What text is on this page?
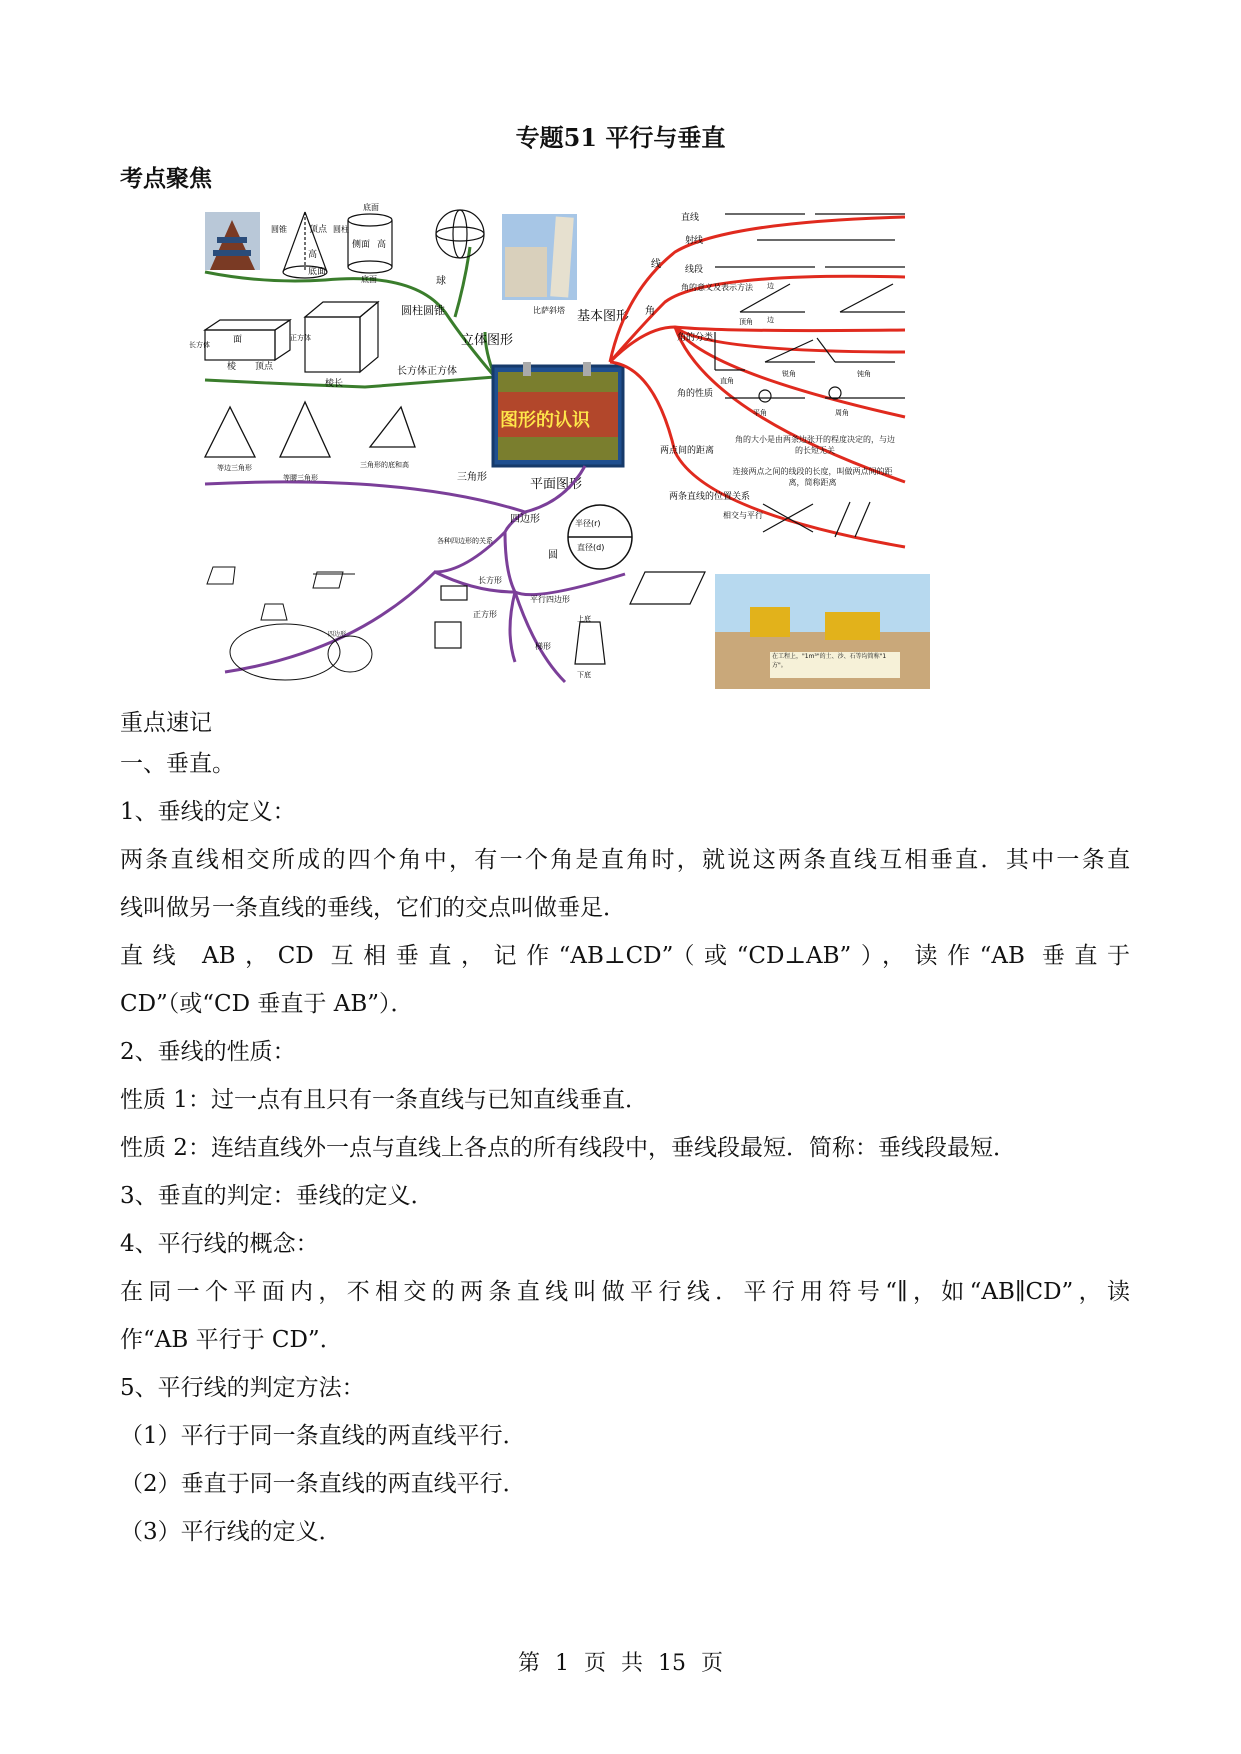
专题51 平行与垂直
考点聚焦
圆锥 顶点
高
底面
圆柱
底面
侧面 高
底面	球
比萨斜塔
圆柱圆锥
长方体	面
棱 顶点
正方体
棱长
长方体正方体
立体图形
图形的认识
基本图形
平面图形
线
角
直线
射线
线段
角的意义及表示方法
顶角
边
边
角的分类
直角
锐角	钝角
角的性质
平角	周角
角的大小是由两条边张开的程度决定的，与边的长短无关
两点间的距离
连接两点之间的线段的长度，叫做两点间的距离，简称距离
两条直线的位置关系
相交与平行
三角形
四边形
圆
等边三角形
等腰三角形
三角形的底和高
半径(r)
直径(d)
各种四边形的关系
长方形
正方形
平行四边形
梯形
上底
下底
四边形
在工程上，"1m³"的土、沙、石等均简称"1方"。
重点速记

一、垂直。

1、垂线的定义：

两条直线相交所成的四个角中，有一个角是直角时，就说这两条直线互相垂直．其中一条直

线叫做另一条直线的垂线，它们的交点叫做垂足．

直线 AB，CD 互相垂直，记作“AB⊥CD”（或“CD⊥AB”），读作“AB 垂直于

CD”（或“CD 垂直于 AB”）．

2、垂线的性质：

性质 1：过一点有且只有一条直线与已知直线垂直．

性质 2：连结直线外一点与直线上各点的所有线段中，垂线段最短．简称：垂线段最短．

3、垂直的判定：垂线的定义．

4、平行线的概念：

在同一个平面内，不相交的两条直线叫做平行线．平行用符号“∥，如“AB∥CD”，读

作“AB 平行于 CD”．

5、平行线的判定方法：

（1）平行于同一条直线的两直线平行．

（2）垂直于同一条直线的两直线平行．

（3）平行线的定义．

第 1 页 共 15 页
